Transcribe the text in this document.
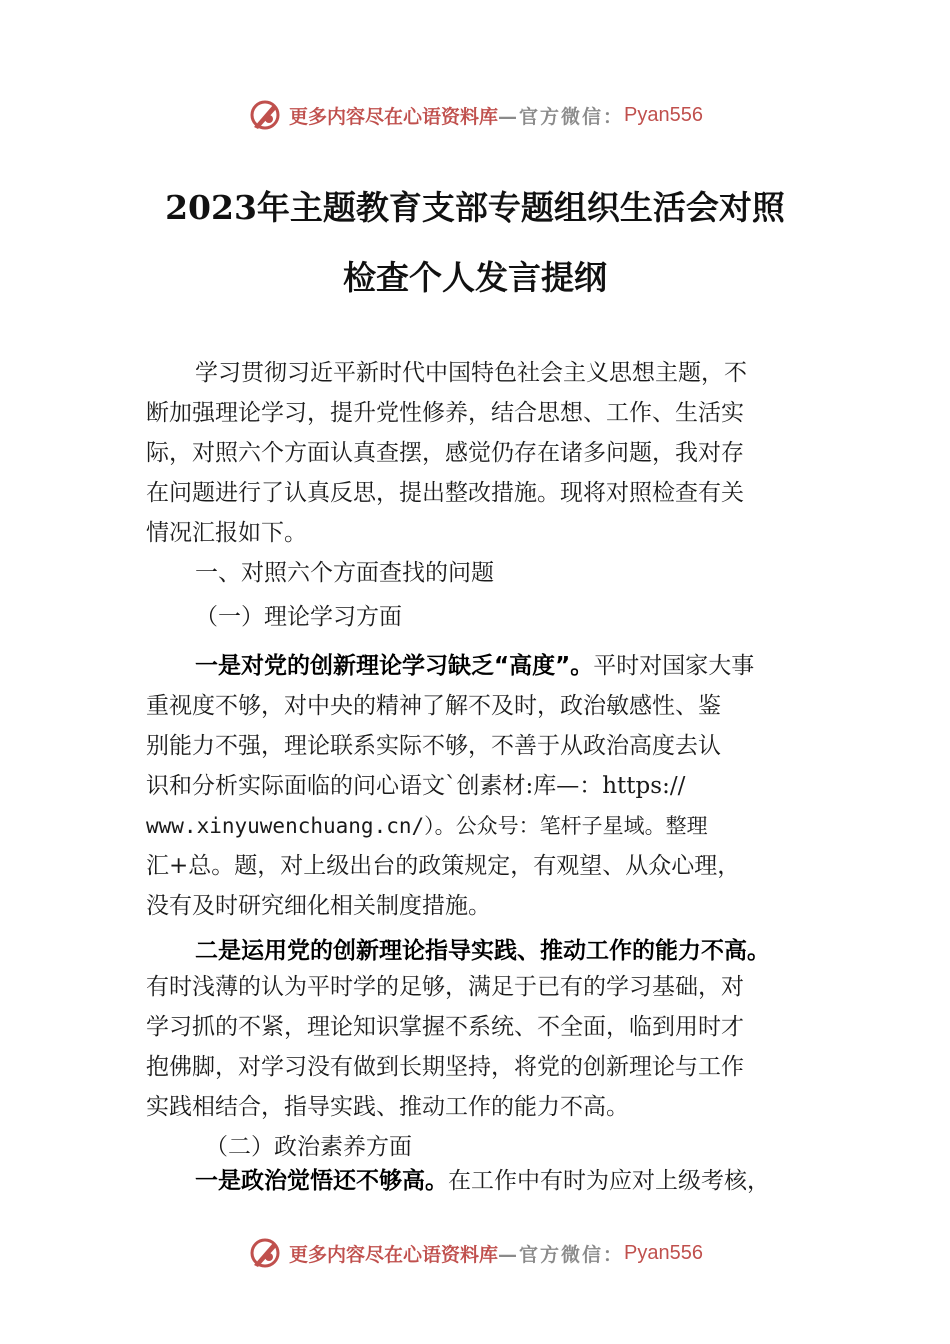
更多内容尽在心语资料库 —官方微信： Pyan556
2023年主题教育支部专题组织生活会对照
检查个人发言提纲
学习贯彻习近平新时代中国特色社会主义思想主题，不
断加强理论学习，提升党性修养，结合思想、工作、生活实
际，对照六个方面认真查摆，感觉仍存在诸多问题，我对存
在问题进行了认真反思，提出整改措施。现将对照检查有关
情况汇报如下。
一、对照六个方面查找的问题
（一）理论学习方面
一是对党的创新理论学习缺乏“高度”。平时对国家大事
重视度不够，对中央的精神了解不及时，政治敏感性、鉴
别能力不强，理论联系实际不够，不善于从政治高度去认
识和分析实际面临的问心语文`创素材:库—：https://
www.xinyuwenchuang.cn/）。公众号：笔杆子星域。整理
汇+总。题，对上级出台的政策规定，有观望、从众心理，
没有及时研究细化相关制度措施。
二是运用党的创新理论指导实践、推动工作的能力不高。
有时浅薄的认为平时学的足够，满足于已有的学习基础，对
学习抓的不紧，理论知识掌握不系统、不全面，临到用时才
抱佛脚，对学习没有做到长期坚持，将党的创新理论与工作
实践相结合，指导实践、推动工作的能力不高。
（二）政治素养方面
一是政治觉悟还不够高。在工作中有时为应对上级考核，
更多内容尽在心语资料库 —官方微信： Pyan556
